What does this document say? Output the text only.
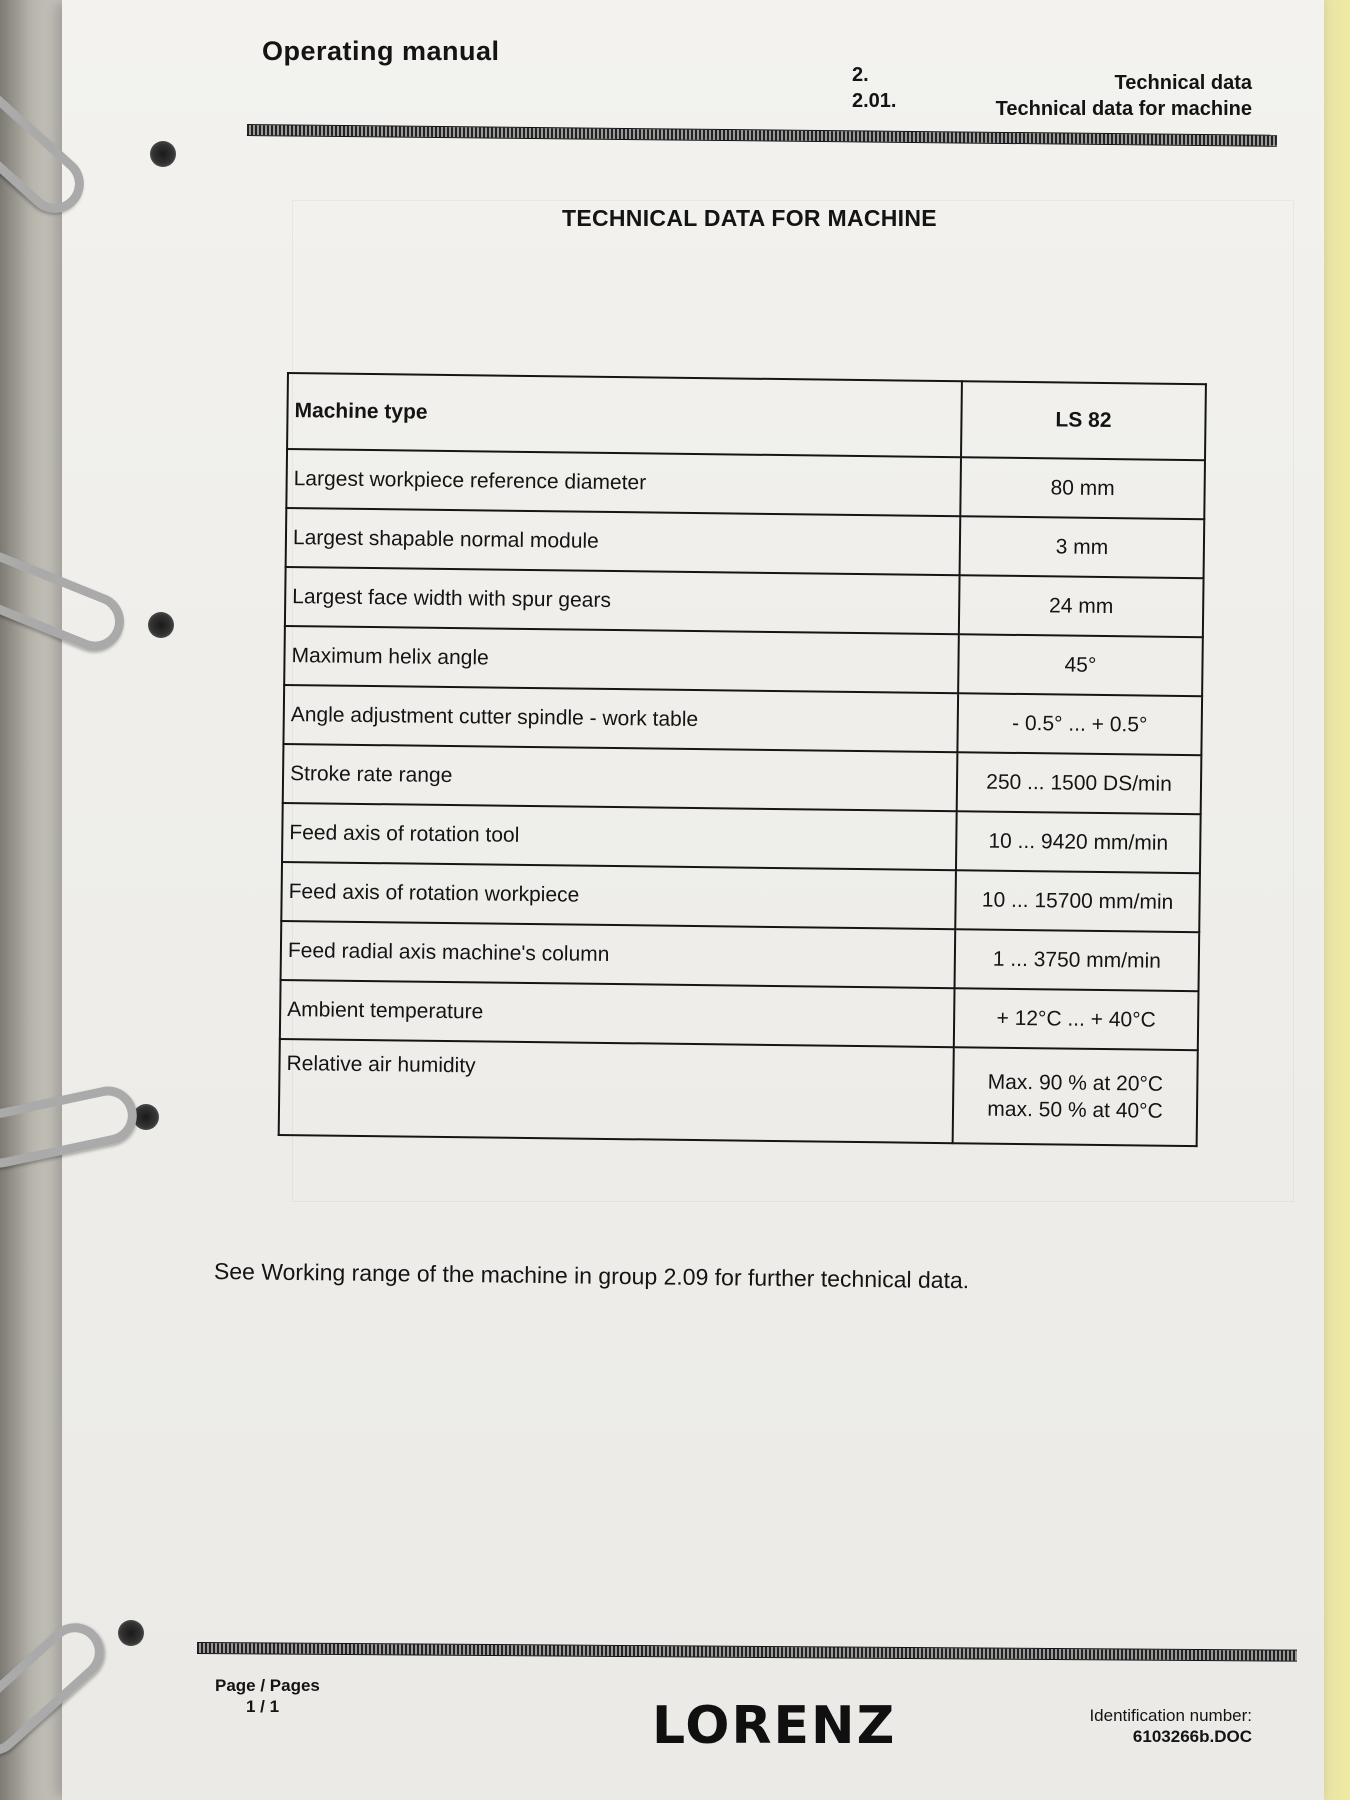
Operating manual
2.
2.01.
Technical data
Technical data for machine
TECHNICAL DATA FOR MACHINE
Machine type	LS 82
Largest workpiece reference diameter	80 mm
Largest shapable normal module	3 mm
Largest face width with spur gears	24 mm
Maximum helix angle	45°
Angle adjustment cutter spindle - work table	- 0.5° ... + 0.5°
Stroke rate range	250 ... 1500 DS/min
Feed axis of rotation tool	10 ... 9420 mm/min
Feed axis of rotation workpiece	10 ... 15700 mm/min
Feed radial axis machine's column	1 ... 3750 mm/min
Ambient temperature	+ 12°C ... + 40°C
Relative air humidity	Max. 90 % at 20°C
max. 50 % at 40°C
See Working range of the machine in group 2.09 for further technical data.
Page / Pages
1 / 1	LORENZ	Identification number:
6103266b.DOC
